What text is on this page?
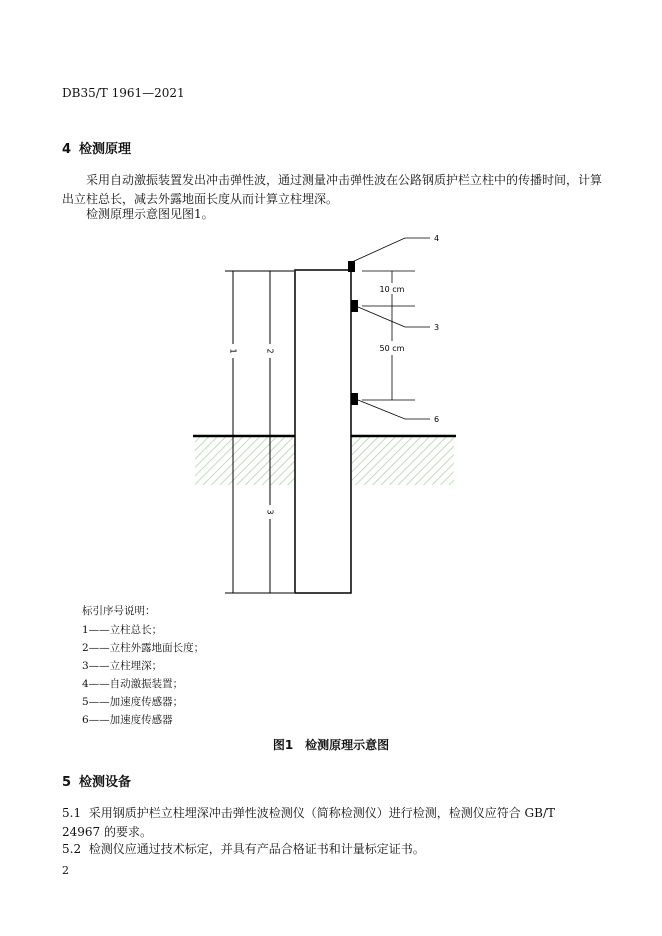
DB35/T 1961—2021
4 检测原理
采用自动激振装置发出冲击弹性波，通过测量冲击弹性波在公路钢质护栏立柱中的传播时间，计算出立柱总长，减去外露地面长度从而计算立柱埋深。
检测原理示意图见图1。
1	2
3
4
3
6
10 cm
50 cm
标引序号说明：
1——立柱总长；
2——立柱外露地面长度；
3——立柱埋深；
4——自动激振装置；
5——加速度传感器；
6——加速度传感器
图1　检测原理示意图
5 检测设备
5.1 采用钢质护栏立柱埋深冲击弹性波检测仪（简称检测仪）进行检测，检测仪应符合 GB/T 24967 的要求。
5.2 检测仪应通过技术标定，并具有产品合格证书和计量标定证书。
2
